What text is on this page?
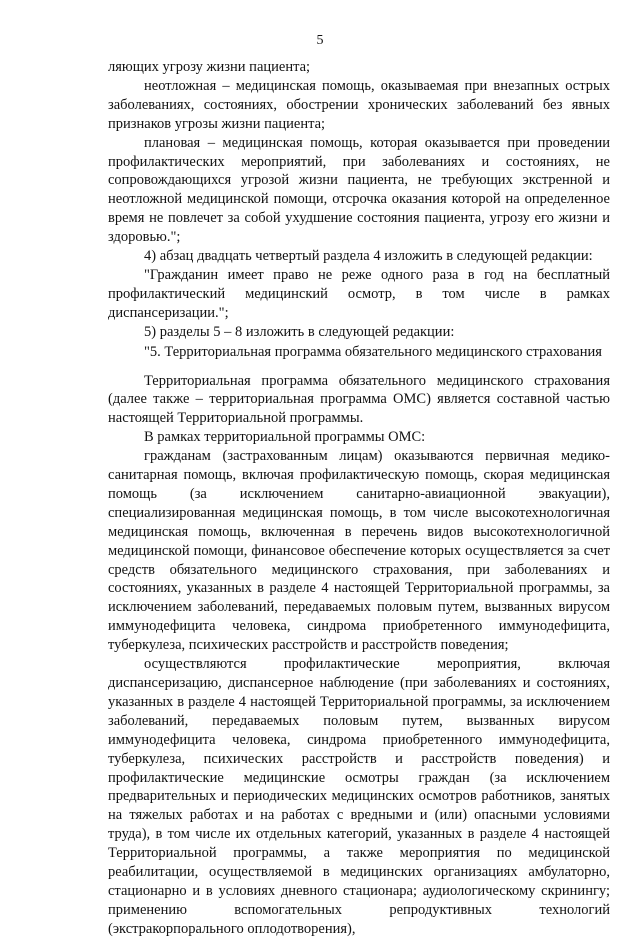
5

ляющих угрозу жизни пациента;

неотложная – медицинская помощь, оказываемая при внезапных острых заболеваниях, состояниях, обострении хронических заболеваний без явных признаков угрозы жизни пациента;

плановая – медицинская помощь, которая оказывается при проведении профилактических мероприятий, при заболеваниях и состояниях, не сопровождающихся угрозой жизни пациента, не требующих экстренной и неотложной медицинской помощи, отсрочка оказания которой на определенное время не повлечет за собой ухудшение состояния пациента, угрозу его жизни и здоровью.";

4) абзац двадцать четвертый раздела 4 изложить в следующей редакции:

"Гражданин имеет право не реже одного раза в год на бесплатный профилактический медицинский осмотр, в том числе в рамках диспансеризации.";

5) разделы 5 – 8 изложить в следующей редакции:

"5. Территориальная программа обязательного медицинского страхования

Территориальная программа обязательного медицинского страхования (далее также – территориальная программа ОМС) является составной частью настоящей Территориальной программы.

В рамках территориальной программы ОМС:

гражданам (застрахованным лицам) оказываются первичная медико-санитарная помощь, включая профилактическую помощь, скорая медицинская помощь (за исключением санитарно-авиационной эвакуации), специализированная медицинская помощь, в том числе высокотехнологичная медицинская помощь, включенная в перечень видов высокотехнологичной медицинской помощи, финансовое обеспечение которых осуществляется за счет средств обязательного медицинского страхования, при заболеваниях и состояниях, указанных в разделе 4 настоящей Территориальной программы, за исключением заболеваний, передаваемых половым путем, вызванных вирусом иммунодефицита человека, синдрома приобретенного иммунодефицита, туберкулеза, психических расстройств и расстройств поведения;

осуществляются профилактические мероприятия, включая диспансеризацию, диспансерное наблюдение (при заболеваниях и состояниях, указанных в разделе 4 настоящей Территориальной программы, за исключением заболеваний, передаваемых половым путем, вызванных вирусом иммунодефицита человека, синдрома приобретенного иммунодефицита, туберкулеза, психических расстройств и расстройств поведения) и профилактические медицинские осмотры граждан (за исключением предварительных и периодических медицинских осмотров работников, занятых на тяжелых работах и на работах с вредными и (или) опасными условиями труда), в том числе их отдельных категорий, указанных в разделе 4 настоящей Территориальной программы, а также мероприятия по медицинской реабилитации, осуществляемой в медицинских организациях амбулаторно, стационарно и в условиях дневного стационара; аудиологическому скринингу; применению вспомогательных репродуктивных технологий (экстракорпорального оплодотворения),
